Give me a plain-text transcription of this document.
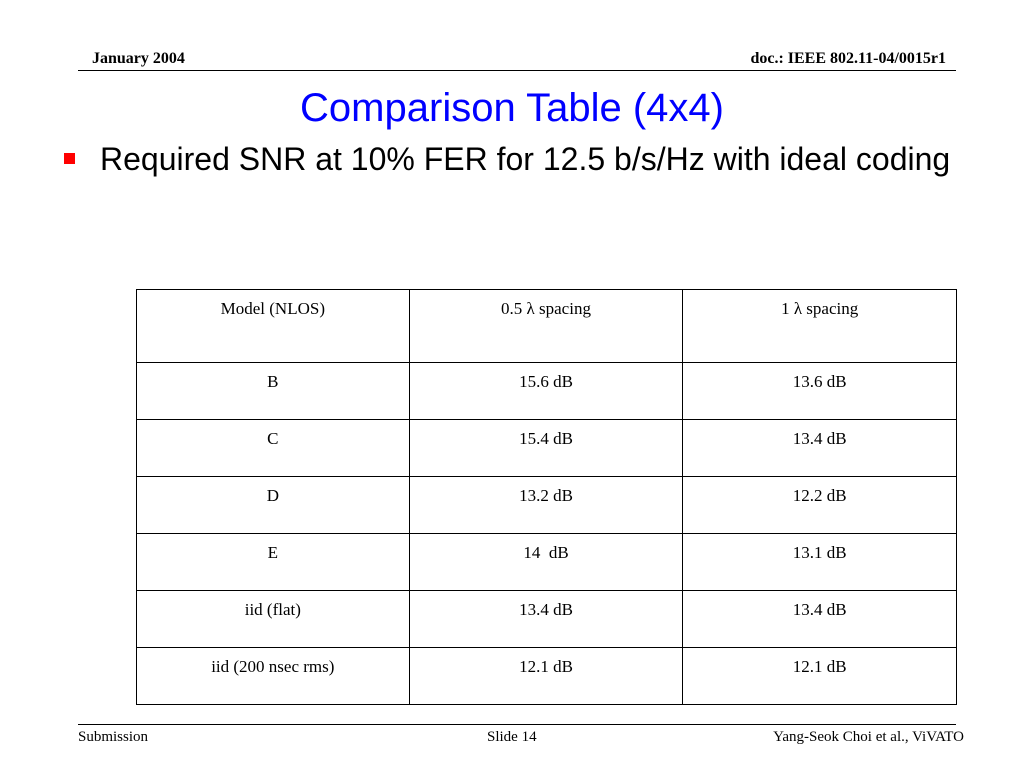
January 2004	doc.: IEEE 802.11-04/0015r1
Comparison Table (4x4)
Required SNR at 10% FER for 12.5 b/s/Hz with ideal coding
Model (NLOS)	0.5 λ spacing	1 λ spacing
B	15.6 dB	13.6 dB
C	15.4 dB	13.4 dB
D	13.2 dB	12.2 dB
E	14  dB	13.1 dB
iid (flat)	13.4 dB	13.4 dB
iid (200 nsec rms)	12.1 dB	12.1 dB
Submission	Slide 14	Yang-Seok Choi et al., ViVATO
